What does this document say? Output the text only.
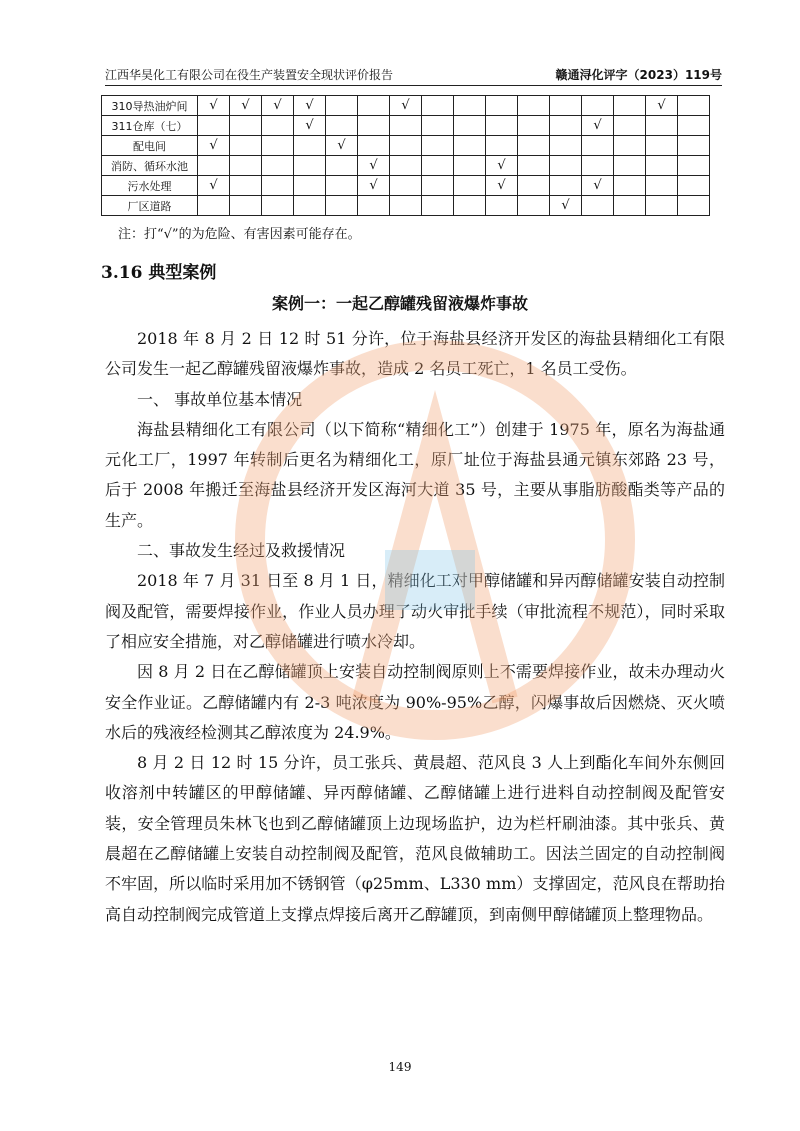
江西华昊化工有限公司在役生产装置安全现状评价报告	赣通浔化评字（2023）119号
310导热油炉间	√	√	√	√			√								√	
311仓库（七）				√									√			
配电间	√				√											
消防、循环水池						√				√						
污水处理	√					√				√			√			
厂区道路												√				
注：打“√”的为危险、有害因素可能存在。
3.16 典型案例
案例一：一起乙醇罐残留液爆炸事故

2018 年 8 月 2 日 12 时 51 分许，位于海盐县经济开发区的海盐县精细化工有限公司发生一起乙醇罐残留液爆炸事故，造成 2 名员工死亡，1 名员工受伤。

一、 事故单位基本情况

海盐县精细化工有限公司（以下简称“精细化工”）创建于 1975 年，原名为海盐通元化工厂，1997 年转制后更名为精细化工，原厂址位于海盐县通元镇东郊路 23 号，后于 2008 年搬迁至海盐县经济开发区海河大道 35 号，主要从事脂肪酸酯类等产品的生产。

二、事故发生经过及救援情况

2018 年 7 月 31 日至 8 月 1 日，精细化工对甲醇储罐和异丙醇储罐安装自动控制阀及配管，需要焊接作业，作业人员办理了动火审批手续（审批流程不规范），同时采取了相应安全措施，对乙醇储罐进行喷水冷却。

因 8 月 2 日在乙醇储罐顶上安装自动控制阀原则上不需要焊接作业，故未办理动火安全作业证。乙醇储罐内有 2-3 吨浓度为 90%-95%乙醇，闪爆事故后因燃烧、灭火喷水后的残液经检测其乙醇浓度为 24.9%。

8 月 2 日 12 时 15 分许，员工张兵、黄晨超、范风良 3 人上到酯化车间外东侧回收溶剂中转罐区的甲醇储罐、异丙醇储罐、乙醇储罐上进行进料自动控制阀及配管安装，安全管理员朱林飞也到乙醇储罐顶上边现场监护，边为栏杆刷油漆。其中张兵、黄晨超在乙醇储罐上安装自动控制阀及配管，范风良做辅助工。因法兰固定的自动控制阀不牢固，所以临时采用加不锈钢管（φ25mm、L330 mm）支撑固定，范风良在帮助抬高自动控制阀完成管道上支撑点焊接后离开乙醇罐顶，到南侧甲醇储罐顶上整理物品。

149
